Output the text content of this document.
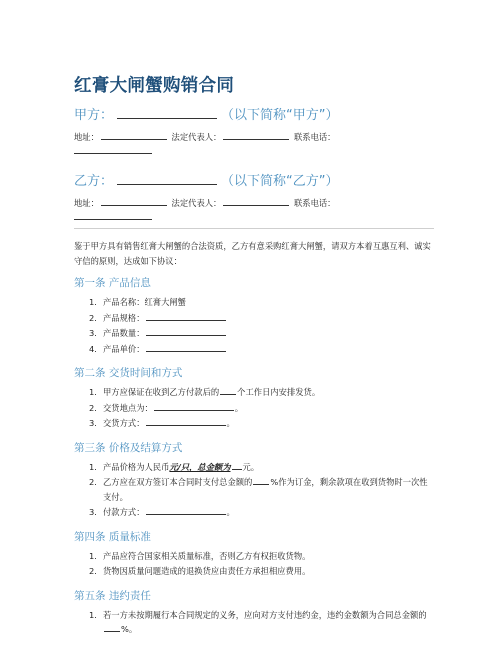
红膏大闸蟹购销合同
甲方：	（以下简称“甲方”）
地址：	法定代表人：	联系电话：

乙方：	（以下简称“乙方”）
地址：	法定代表人：	联系电话：

鉴于甲方具有销售红膏大闸蟹的合法资质，乙方有意采购红膏大闸蟹，请双方本着互惠互利、诚实守信的原则，达成如下协议：

第一条 产品信息
1. 产品名称：红膏大闸蟹
2. 产品规格：
3. 产品数量：
4. 产品单价：
第二条 交货时间和方式
1. 甲方应保证在收到乙方付款后的 个工作日内安排发货。
2. 交货地点为：	。
3. 交货方式：	。
第三条 价格及结算方式
1. 产品价格为人民币元/只，总金额为 元。
2. 乙方应在双方签订本合同时支付总金额的 %作为订金，剩余款项在收到货物时一次性支付。
3. 付款方式：	。
第四条 质量标准
1. 产品应符合国家相关质量标准，否则乙方有权拒收货物。
2. 货物因质量问题造成的退换货应由责任方承担相应费用。
第五条 违约责任
1. 若一方未按期履行本合同规定的义务，应向对方支付违约金，违约金数额为合同总金额的%。
